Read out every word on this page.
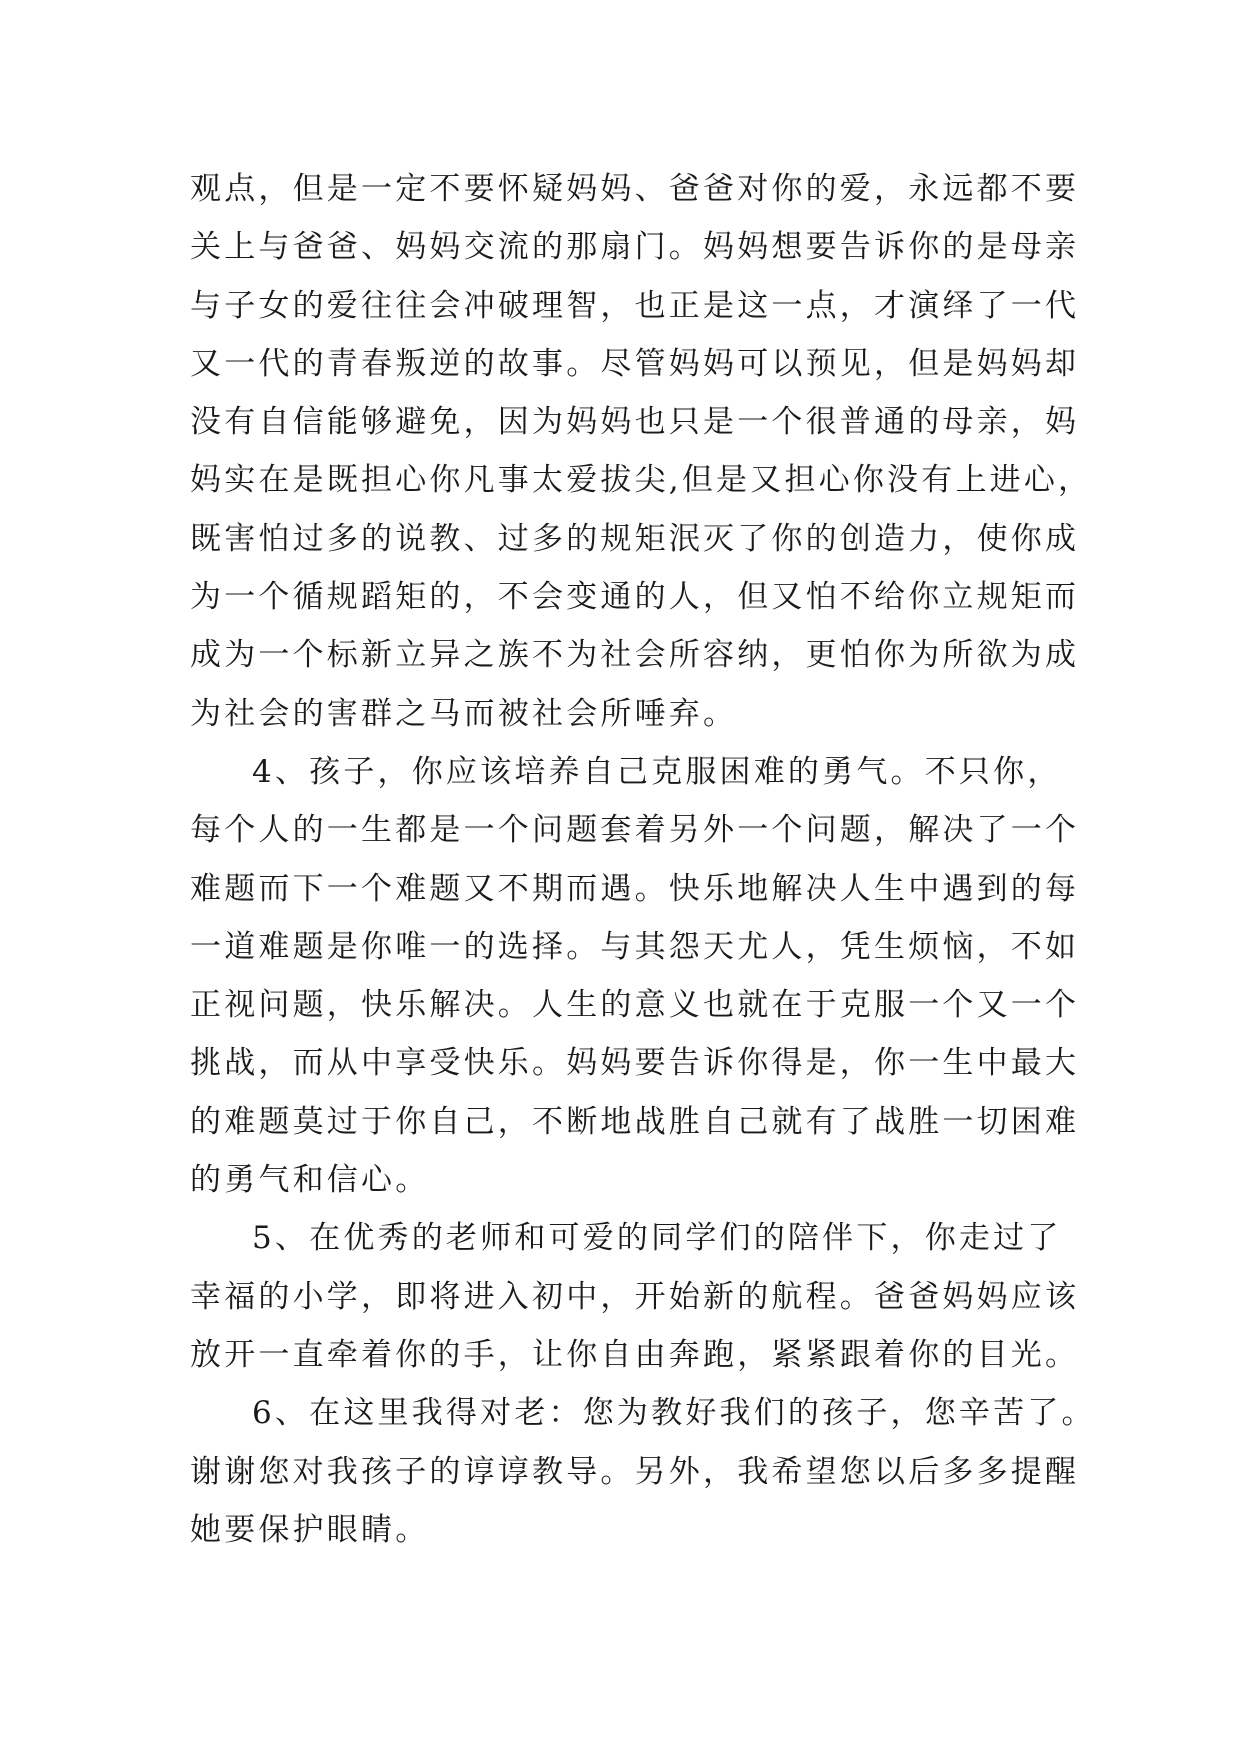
观点，但是一定不要怀疑妈妈、爸爸对你的爱，永远都不要
关上与爸爸、妈妈交流的那扇门。妈妈想要告诉你的是母亲
与子女的爱往往会冲破理智，也正是这一点，才演绎了一代
又一代的青春叛逆的故事。尽管妈妈可以预见，但是妈妈却
没有自信能够避免，因为妈妈也只是一个很普通的母亲，妈
妈实在是既担心你凡事太爱拔尖,但是又担心你没有上进心，
既害怕过多的说教、过多的规矩泯灭了你的创造力，使你成
为一个循规蹈矩的，不会变通的人，但又怕不给你立规矩而
成为一个标新立异之族不为社会所容纳，更怕你为所欲为成
为社会的害群之马而被社会所唾弃。
4、孩子，你应该培养自己克服困难的勇气。不只你，
每个人的一生都是一个问题套着另外一个问题，解决了一个
难题而下一个难题又不期而遇。快乐地解决人生中遇到的每
一道难题是你唯一的选择。与其怨天尤人，凭生烦恼，不如
正视问题，快乐解决。人生的意义也就在于克服一个又一个
挑战，而从中享受快乐。妈妈要告诉你得是，你一生中最大
的难题莫过于你自己，不断地战胜自己就有了战胜一切困难
的勇气和信心。
5、在优秀的老师和可爱的同学们的陪伴下，你走过了
幸福的小学，即将进入初中，开始新的航程。爸爸妈妈应该
放开一直牵着你的手，让你自由奔跑，紧紧跟着你的目光。
6、在这里我得对老：您为教好我们的孩子，您辛苦了。
谢谢您对我孩子的谆谆教导。另外，我希望您以后多多提醒
她要保护眼睛。
